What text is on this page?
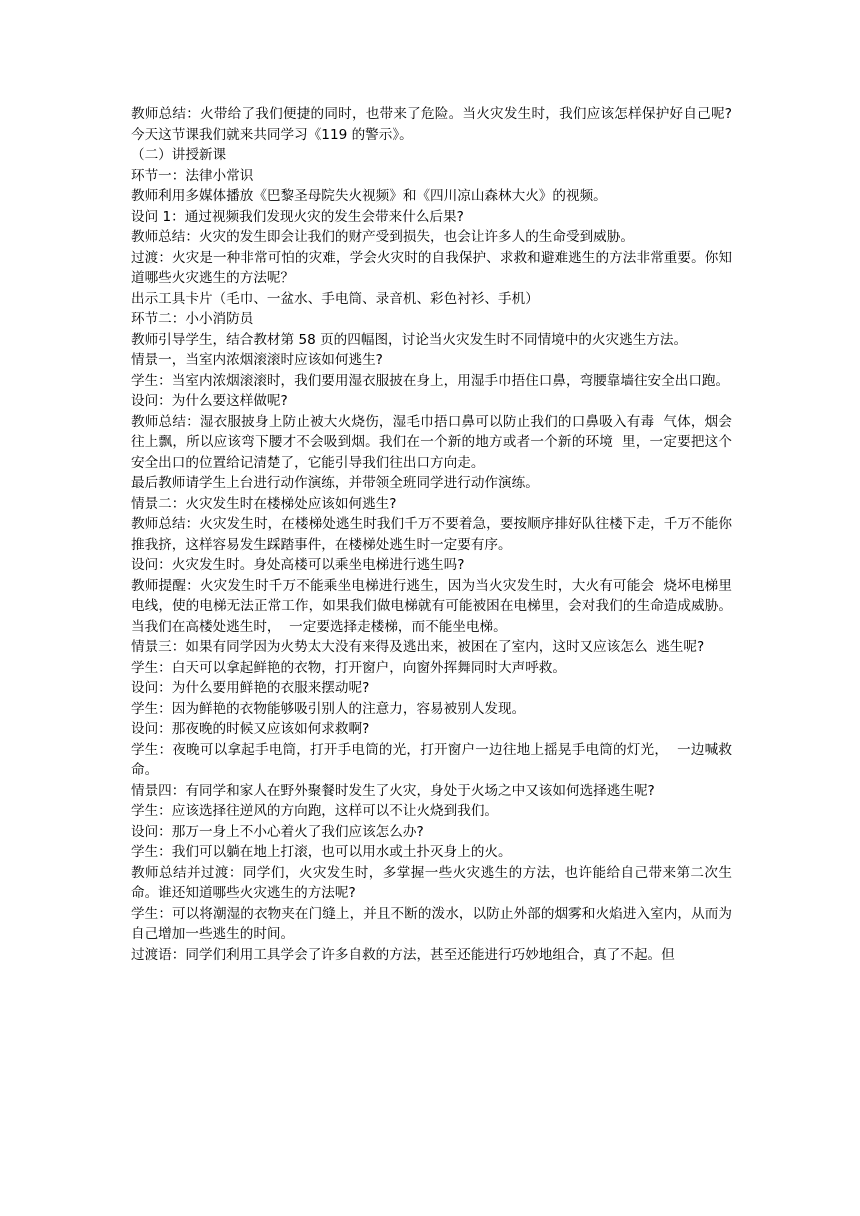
教师总结：火带给了我们便捷的同时，也带来了危险。当火灾发生时，我们应该怎样保护好自己呢?今天这节课我们就来共同学习《119 的警示》。

（二）讲授新课

环节一：法律小常识

教师利用多媒体播放《巴黎圣母院失火视频》和《四川凉山森林大火》的视频。

设问 1：通过视频我们发现火灾的发生会带来什么后果?

教师总结：火灾的发生即会让我们的财产受到损失，也会让许多人的生命受到威胁。

过渡：火灾是一种非常可怕的灾难，学会火灾时的自我保护、求救和避难逃生的方法非常重要。你知道哪些火灾逃生的方法呢？

出示工具卡片（毛巾、一盆水、手电筒、录音机、彩色衬衫、手机）

环节二：小小消防员

教师引导学生，结合教材第 58 页的四幅图，讨论当火灾发生时不同情境中的火灾逃生方法。

情景一，当室内浓烟滚滚时应该如何逃生?

学生：当室内浓烟滚滚时，我们要用湿衣服披在身上，用湿手巾捂住口鼻，弯腰靠墙往安全出口跑。

设问：为什么要这样做呢?

教师总结：湿衣服披身上防止被大火烧伤，湿毛巾捂口鼻可以防止我们的口鼻吸入有毒  气体，烟会往上飘，所以应该弯下腰才不会吸到烟。我们在一个新的地方或者一个新的环境  里，一定要把这个安全出口的位置给记清楚了，它能引导我们往出口方向走。

最后教师请学生上台进行动作演练，并带领全班同学进行动作演练。

情景二：火灾发生时在楼梯处应该如何逃生?

教师总结：火灾发生时，在楼梯处逃生时我们千万不要着急，要按顺序排好队往楼下走，千万不能你推我挤，这样容易发生踩踏事件，在楼梯处逃生时一定要有序。

设问：火灾发生时。身处高楼可以乘坐电梯进行逃生吗?

教师提醒：火灾发生时千万不能乘坐电梯进行逃生，因为当火灾发生时，大火有可能会  烧坏电梯里电线，使的电梯无法正常工作，如果我们做电梯就有可能被困在电梯里，会对我们的生命造成威胁。当我们在高楼处逃生时，  一定要选择走楼梯，而不能坐电梯。

情景三：如果有同学因为火势太大没有来得及逃出来，被困在了室内，这时又应该怎么  逃生呢?

学生：白天可以拿起鲜艳的衣物，打开窗户，向窗外挥舞同时大声呼救。

设问：为什么要用鲜艳的衣服来摆动呢?

学生：因为鲜艳的衣物能够吸引别人的注意力，容易被别人发现。

设问：那夜晚的时候又应该如何求救啊?

学生：夜晚可以拿起手电筒，打开手电筒的光，打开窗户一边往地上摇晃手电筒的灯光，  一边喊救命。

情景四：有同学和家人在野外聚餐时发生了火灾，身处于火场之中又该如何选择逃生呢?

学生：应该选择往逆风的方向跑，这样可以不让火烧到我们。

设问：那万一身上不小心着火了我们应该怎么办?

学生：我们可以躺在地上打滚，也可以用水或土扑灭身上的火。

教师总结并过渡：同学们，火灾发生时，多掌握一些火灾逃生的方法，也许能给自己带来第二次生命。谁还知道哪些火灾逃生的方法呢?

学生：可以将潮湿的衣物夹在门缝上，并且不断的泼水，以防止外部的烟雾和火焰进入室内，从而为自己增加一些逃生的时间。

过渡语：同学们利用工具学会了许多自救的方法，甚至还能进行巧妙地组合，真了不起。但
